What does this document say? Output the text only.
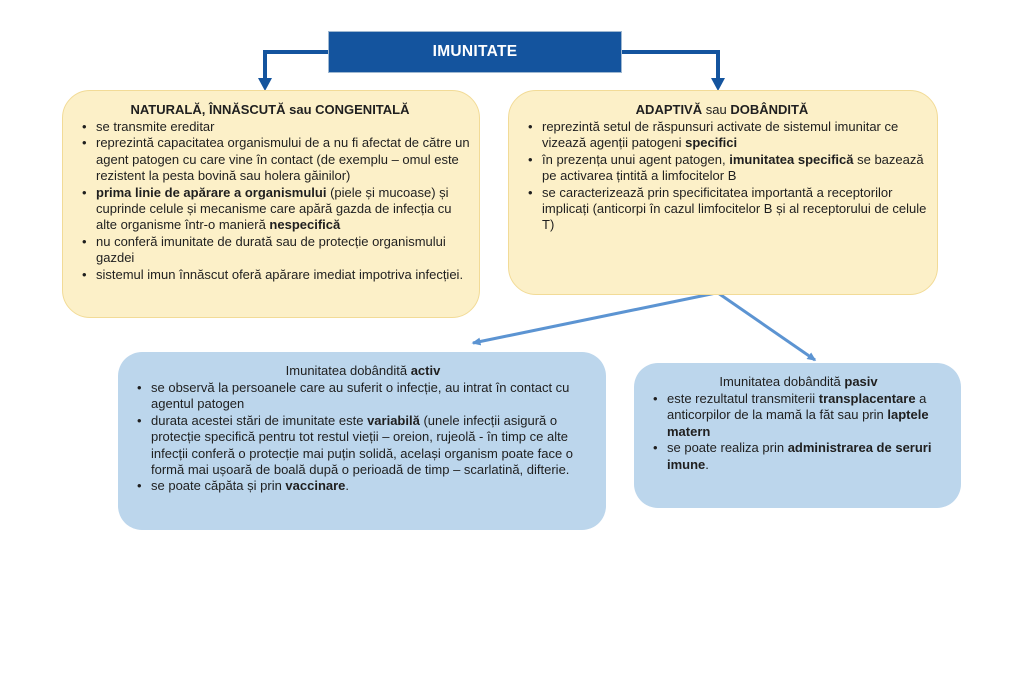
IMUNITATE
NATURALĂ, ÎNNĂSCUTĂ sau CONGENITALĂ
• se transmite ereditar
• reprezintă capacitatea organismului de a nu fi afectat de către un agent patogen cu care vine în contact (de exemplu – omul este rezistent la pesta bovină sau holera găinilor)
• prima linie de apărare a organismului (piele și mucoase) și cuprinde celule și mecanisme care apără gazda de infecția cu alte organisme într-o manieră nespecifică
• nu conferă imunitate de durată sau de protecție organismului gazdei
• sistemul imun înnăscut oferă apărare imediat impotriva infecției.
ADAPTIVĂ sau DOBÂNDITĂ
• reprezintă setul de răspunsuri activate de sistemul imunitar ce vizează agenții patogeni specifici
• în prezența unui agent patogen, imunitatea specifică se bazează pe activarea țintită a limfocitelor B
• se caracterizează prin specificitatea importantă a receptorilor implicați (anticorpi în cazul limfocitelor B și al receptorului de celule T)
Imunitatea dobândită activ
• se observă la persoanele care au suferit o infecție, au intrat în contact cu agentul patogen
• durata acestei stări de imunitate este variabilă (unele infecții asigură o protecție specifică pentru tot restul vieții – oreion, rujeolă - în timp ce alte infecții conferă o protecție mai puțin solidă, același organism poate face o formă mai ușoară de boală după o perioadă de timp – scarlatină, difterie.
• se poate căpăta și prin vaccinare.
Imunitatea dobândită pasiv
• este rezultatul transmiterii transplacentare a anticorpilor de la mamă la făt sau prin laptele matern
• se poate realiza prin administrarea de seruri imune.
